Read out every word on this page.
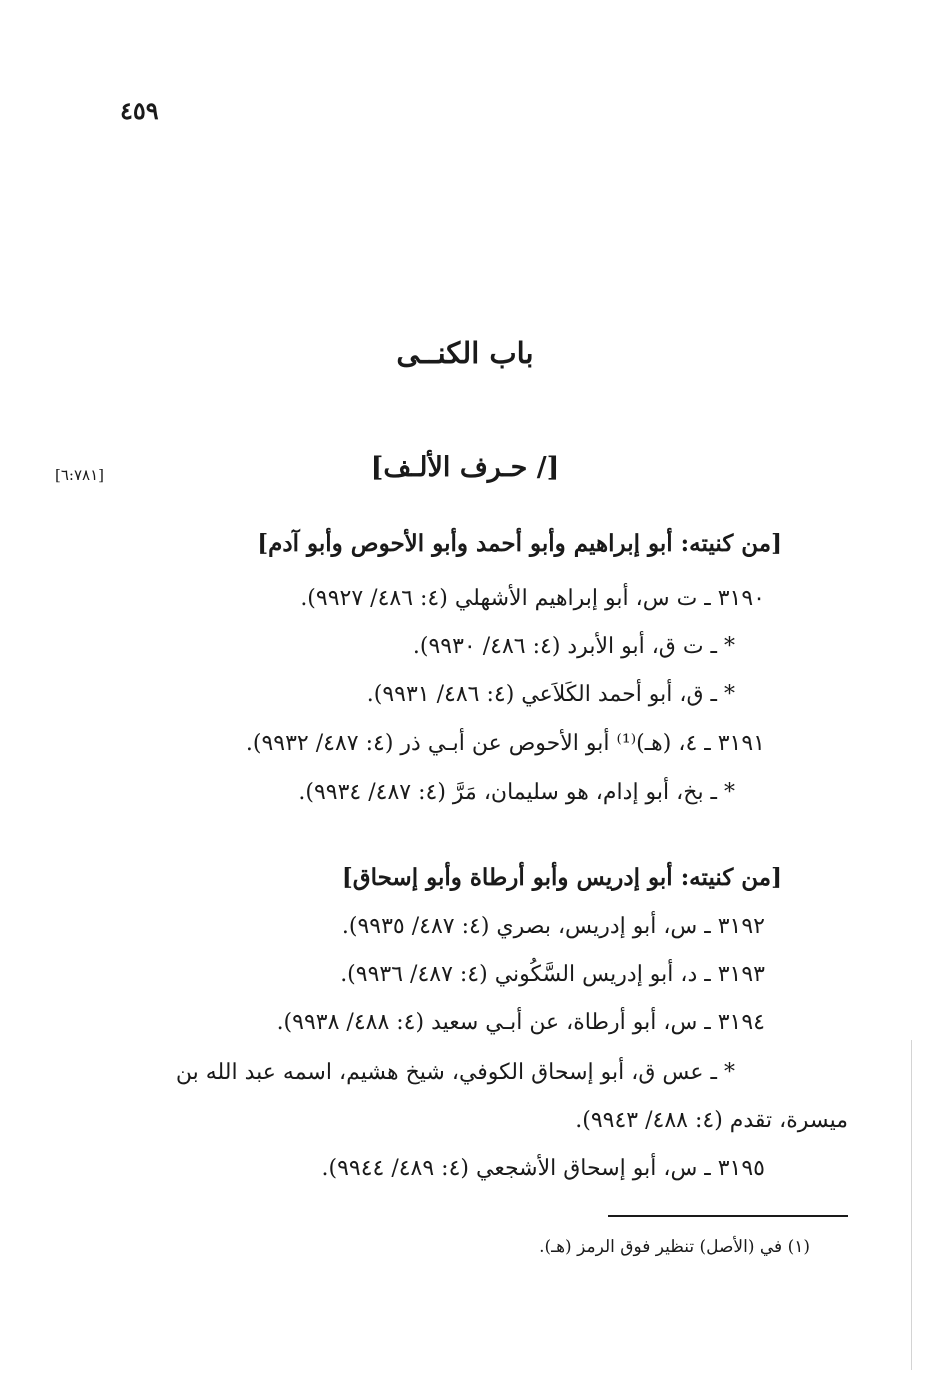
٤٥٩
باب الكنــى
[/ حـرف الألـف]
[٦:٧٨١]
[من كنيته: أبو إبراهيم وأبو أحمد وأبو الأحوص وأبو آدم]
٣١٩٠ ـ ت س، أبو إبراهيم الأشهلي (٤: ٤٨٦/ ٩٩٢٧).
* ـ ت ق، أبو الأبرد (٤: ٤٨٦/ ٩٩٣٠).
* ـ ق، أبو أحمد الكَلاَعي (٤: ٤٨٦/ ٩٩٣١).
٣١٩١ ـ ٤، (هـ)⁽¹⁾ أبو الأحوص عن أبـي ذر (٤: ٤٨٧/ ٩٩٣٢).
* ـ بخ، أبو إدام، هو سليمان، مَرَّ (٤: ٤٨٧/ ٩٩٣٤).
[من كنيته: أبو إدريس وأبو أرطاة وأبو إسحاق]
٣١٩٢ ـ س، أبو إدريس، بصري (٤: ٤٨٧/ ٩٩٣٥).
٣١٩٣ ـ د، أبو إدريس السَّكُوني (٤: ٤٨٧/ ٩٩٣٦).
٣١٩٤ ـ س، أبو أرطاة، عن أبـي سعيد (٤: ٤٨٨/ ٩٩٣٨).
* ـ عس ق، أبو إسحاق الكوفي، شيخ هشيم، اسمه عبد الله بن
ميسرة، تقدم (٤: ٤٨٨/ ٩٩٤٣).
٣١٩٥ ـ س، أبو إسحاق الأشجعي (٤: ٤٨٩/ ٩٩٤٤).
(١) في (الأصل) تنظير فوق الرمز (هـ).
